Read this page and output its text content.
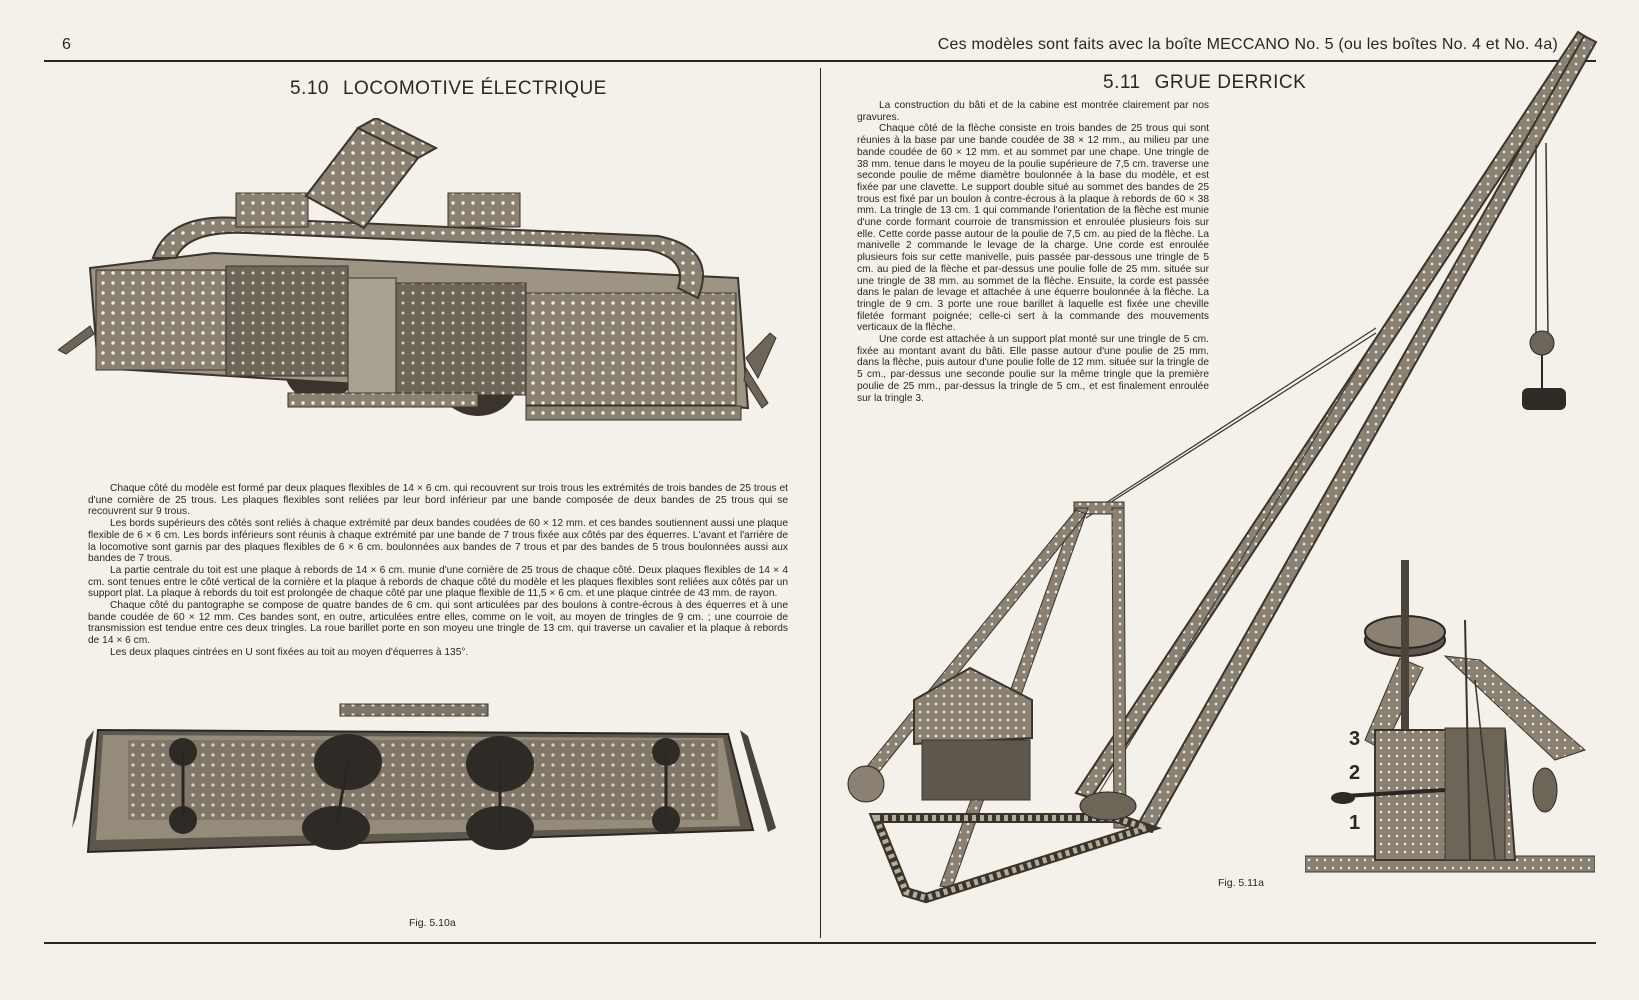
6	Ces modèles sont faits avec la boîte MECCANO No. 5 (ou les boîtes No. 4 et No. 4a)
5.10 LOCOMOTIVE ÉLECTRIQUE

Chaque côté du modèle est formé par deux plaques flexibles de 14 × 6 cm. qui recouvrent sur trois trous les extrémités de trois bandes de 25 trous et d'une cornière de 25 trous. Les plaques flexibles sont reliées par leur bord inférieur par une bande composée de deux bandes de 25 trous qui se recouvrent sur 9 trous.

Les bords supérieurs des côtés sont reliés à chaque extrémité par deux bandes coudées de 60 × 12 mm. et ces bandes soutiennent aussi une plaque flexible de 6 × 6 cm. Les bords inférieurs sont réunis à chaque extrémité par une bande de 7 trous fixée aux côtés par des équerres. L'avant et l'arrière de la locomotive sont garnis par des plaques flexibles de 6 × 6 cm. boulonnées aux bandes de 7 trous et par des bandes de 5 trous boulonnées aussi aux bandes de 7 trous.

La partie centrale du toit est une plaque à rebords de 14 × 6 cm. munie d'une cornière de 25 trous de chaque côté. Deux plaques flexibles de 14 × 4 cm. sont tenues entre le côté vertical de la cornière et la plaque à rebords de chaque côté du modèle et les plaques flexibles sont reliées aux côtés par un support plat. La plaque à rebords du toit est prolongée de chaque côté par une plaque flexible de 11,5 × 6 cm. et une plaque cintrée de 43 mm. de rayon.

Chaque côté du pantographe se compose de quatre bandes de 6 cm. qui sont articulées par des boulons à contre-écrous à des équerres et à une bande coudée de 60 × 12 mm. Ces bandes sont, en outre, articulées entre elles, comme on le voit, au moyen de tringles de 9 cm. ; une courroie de transmission est tendue entre ces deux tringles. La roue barillet porte en son moyeu une tringle de 13 cm. qui traverse un cavalier et la plaque à rebords de 14 × 6 cm.

Les deux plaques cintrées en U sont fixées au toit au moyen d'équerres à 135°.

Fig. 5.10a
5.11 GRUE DERRICK

La construction du bâti et de la cabine est montrée clairement par nos gravures.

Chaque côté de la flèche consiste en trois bandes de 25 trous qui sont réunies à la base par une bande coudée de 38 × 12 mm., au milieu par une bande coudée de 60 × 12 mm. et au sommet par une chape. Une tringle de 38 mm. tenue dans le moyeu de la poulie supérieure de 7,5 cm. traverse une seconde poulie de même diamètre boulonnée à la base du modèle, et est fixée par une clavette. Le support double situé au sommet des bandes de 25 trous est fixé par un boulon à contre-écrous à la plaque à rebords de 60 × 38 mm. La tringle de 13 cm. 1 qui commande l'orientation de la flèche est munie d'une corde formant courroie de transmission et enroulée plusieurs fois sur elle. Cette corde passe autour de la poulie de 7,5 cm. au pied de la flèche. La manivelle 2 commande le levage de la charge. Une corde est enroulée plusieurs fois sur cette manivelle, puis passée par-dessous une tringle de 5 cm. au pied de la flèche et par-dessus une poulie folle de 25 mm. située sur une tringle de 38 mm. au sommet de la flèche. Ensuite, la corde est passée dans le palan de levage et attachée à une équerre boulonnée à la flèche. La tringle de 9 cm. 3 porte une roue barillet à laquelle est fixée une cheville filetée formant poignée; celle-ci sert à la commande des mouvements verticaux de la flèche.

Une corde est attachée à un support plat monté sur une tringle de 5 cm. fixée au montant avant du bâti. Elle passe autour d'une poulie de 25 mm. dans la flèche, puis autour d'une poulie folle de 12 mm. située sur la tringle de 5 cm., par-dessus une seconde poulie sur la même tringle que la première poulie de 25 mm., par-dessus la tringle de 5 cm., et est finalement enroulée sur la tringle 3.

3
2
1
Fig. 5.11a
